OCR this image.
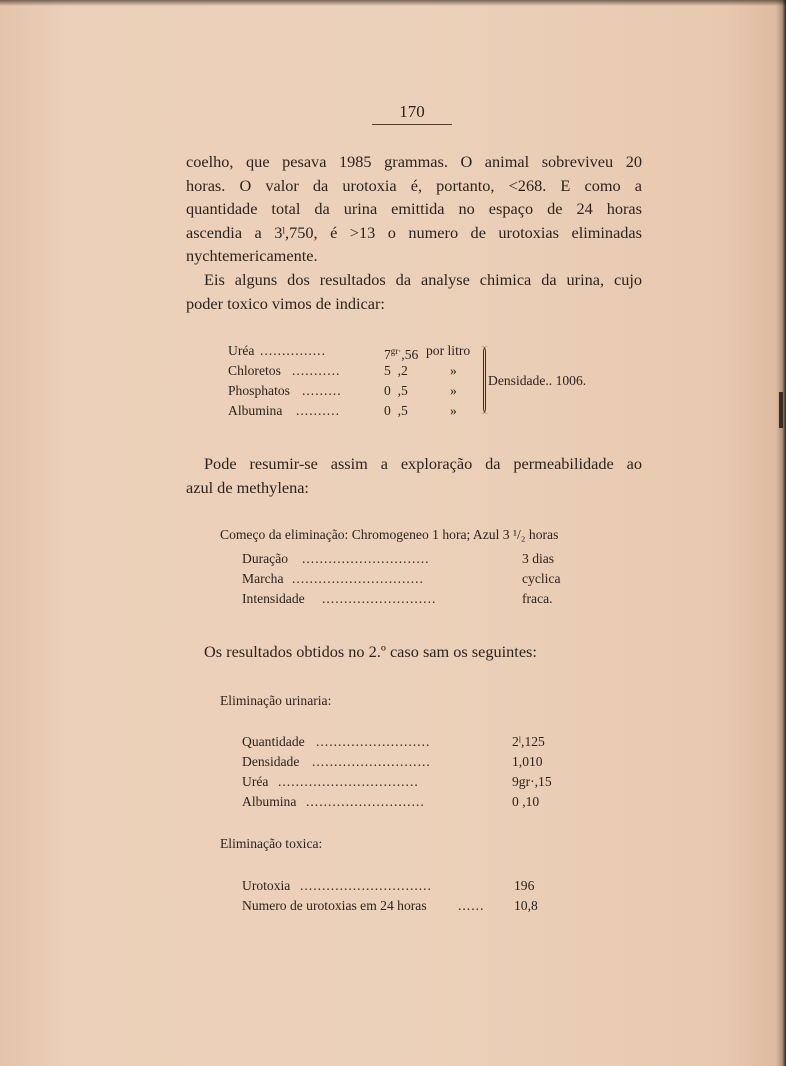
170
coelho, que pesava 1985 grammas. O animal sobreviveu 20
horas. O valor da urotoxia é, portanto, <268. E como a
quantidade total da urina emittida no espaço de 24 horas
ascendia a 3ˡ,750, é >13 o numero de urotoxias eliminadas
nychtemericamente.
Eis alguns dos resultados da analyse chimica da urina, cujo
poder toxico vimos de indicar:
Uréa ...............	$7^{gr\cdot},56$ por litro
Chloretos ...........	5 ,2	»
Phosphatos .........	0 ,5	»
Albumina ..........	0 ,5	»
Densidade.. 1006.
Pode resumir-se assim a exploração da permeabilidade ao
azul de methylena:
Começo da eliminação: Chromogeneo 1 hora; Azul 3 ¹/₂ horas
Duração .............................	3 dias
Marcha ..............................	cyclica
Intensidade ..........................	fraca.
Os resultados obtidos no 2.º caso sam os seguintes:
Eliminação urinaria:
Quantidade ..........................	2ˡ,125
Densidade ...........................	1,010
Uréa ................................	9gr·,15
Albumina ...........................	0 ,10
Eliminação toxica:
Urotoxia ..............................	196
Numero de urotoxias em 24 horas ...... 10,8
